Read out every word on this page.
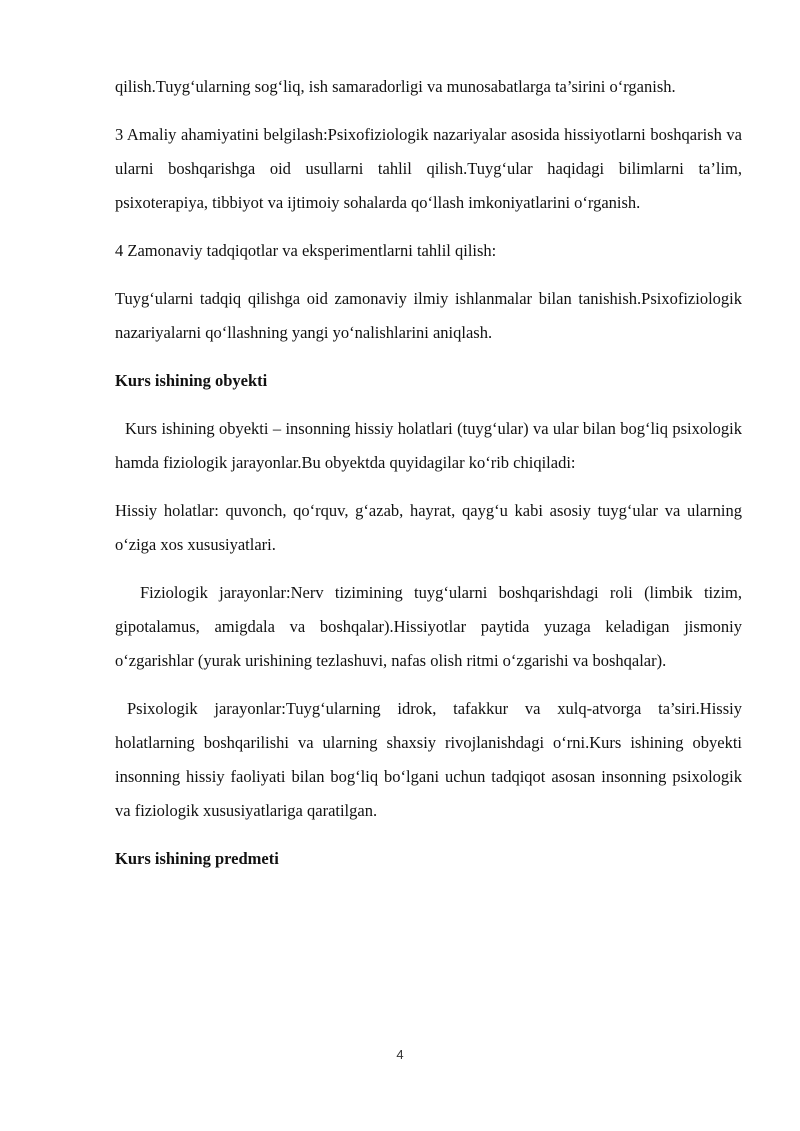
qilish.Tuyg‘ularning sog‘liq, ish samaradorligi va munosabatlarga ta’sirini o‘rganish.

3 Amaliy ahamiyatini belgilash:Psixofiziologik nazariyalar asosida hissiyotlarni boshqarish va ularni boshqarishga oid usullarni tahlil qilish.Tuyg‘ular haqidagi bilimlarni ta’lim, psixoterapiya, tibbiyot va ijtimoiy sohalarda qo‘llash imkoniyatlarini o‘rganish.

4 Zamonaviy tadqiqotlar va eksperimentlarni tahlil qilish:

Tuyg‘ularni tadqiq qilishga oid zamonaviy ilmiy ishlanmalar bilan tanishish.Psixofiziologik nazariyalarni qo‘llashning yangi yo‘nalishlarini aniqlash.

Kurs ishining obyekti

Kurs ishining obyekti – insonning hissiy holatlari (tuyg‘ular) va ular bilan bog‘liq psixologik hamda fiziologik jarayonlar.Bu obyektda quyidagilar ko‘rib chiqiladi:

Hissiy holatlar: quvonch, qo‘rquv, g‘azab, hayrat, qayg‘u kabi asosiy tuyg‘ular va ularning o‘ziga xos xususiyatlari.

Fiziologik jarayonlar:Nerv tizimining tuyg‘ularni boshqarishdagi roli (limbik tizim, gipotalamus, amigdala va boshqalar).Hissiyotlar paytida yuzaga keladigan jismoniy o‘zgarishlar (yurak urishining tezlashuvi, nafas olish ritmi o‘zgarishi va boshqalar).

Psixologik jarayonlar:Tuyg‘ularning idrok, tafakkur va xulq-atvorga ta’siri.Hissiy holatlarning boshqarilishi va ularning shaxsiy rivojlanishdagi o‘rni.Kurs ishining obyekti insonning hissiy faoliyati bilan bog‘liq bo‘lgani uchun tadqiqot asosan insonning psixologik va fiziologik xususiyatlariga qaratilgan.

Kurs ishining predmeti
4
